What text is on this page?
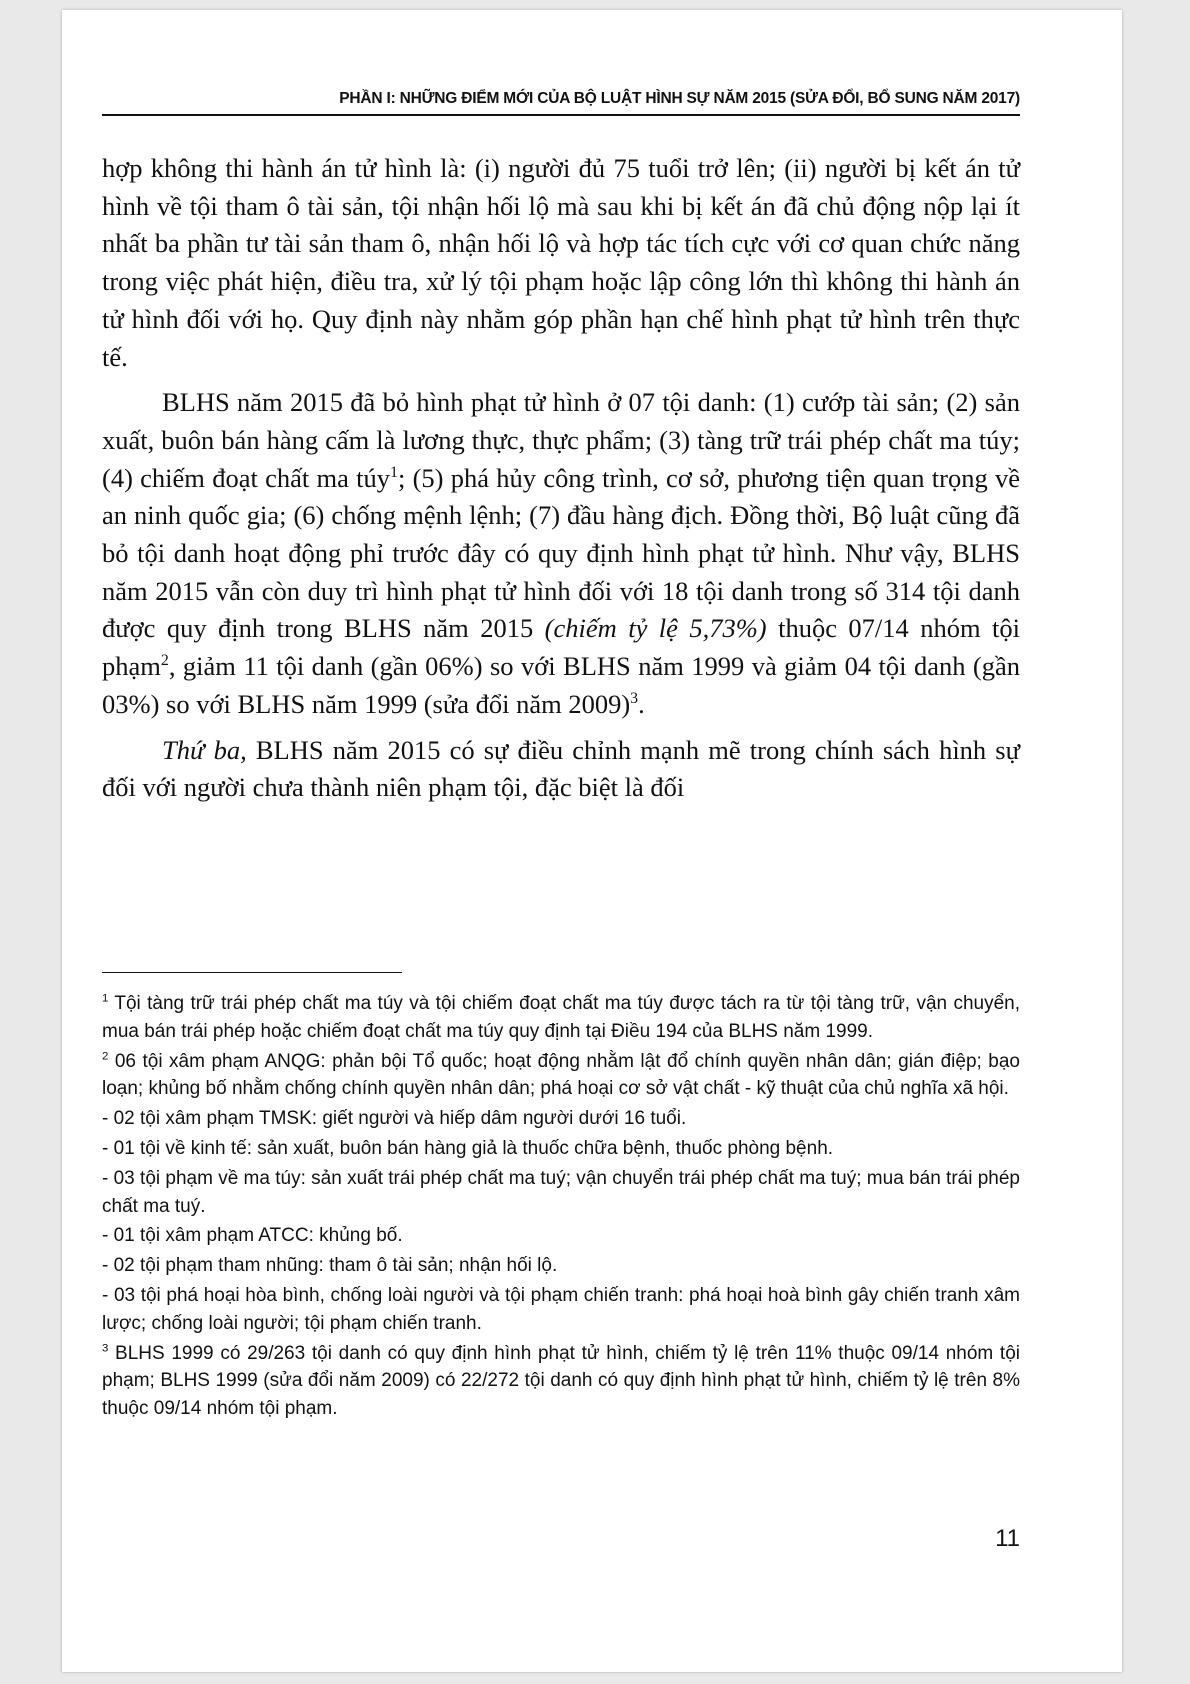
PHẦN I: NHỮNG ĐIỂM MỚI CỦA BỘ LUẬT HÌNH SỰ NĂM 2015 (SỬA ĐỔI, BỔ SUNG NĂM 2017)

hợp không thi hành án tử hình là: (i) người đủ 75 tuổi trở lên; (ii) người bị kết án tử hình về tội tham ô tài sản, tội nhận hối lộ mà sau khi bị kết án đã chủ động nộp lại ít nhất ba phần tư tài sản tham ô, nhận hối lộ và hợp tác tích cực với cơ quan chức năng trong việc phát hiện, điều tra, xử lý tội phạm hoặc lập công lớn thì không thi hành án tử hình đối với họ. Quy định này nhằm góp phần hạn chế hình phạt tử hình trên thực tế.

BLHS năm 2015 đã bỏ hình phạt tử hình ở 07 tội danh: (1) cướp tài sản; (2) sản xuất, buôn bán hàng cấm là lương thực, thực phẩm; (3) tàng trữ trái phép chất ma túy; (4) chiếm đoạt chất ma túy$^1$; (5) phá hủy công trình, cơ sở, phương tiện quan trọng về an ninh quốc gia; (6) chống mệnh lệnh; (7) đầu hàng địch. Đồng thời, Bộ luật cũng đã bỏ tội danh hoạt động phỉ trước đây có quy định hình phạt tử hình. Như vậy, BLHS năm 2015 vẫn còn duy trì hình phạt tử hình đối với 18 tội danh trong số 314 tội danh được quy định trong BLHS năm 2015 (chiếm tỷ lệ 5,73%) thuộc 07/14 nhóm tội phạm$^2$, giảm 11 tội danh (gần 06%) so với BLHS năm 1999 và giảm 04 tội danh (gần 03%) so với BLHS năm 1999 (sửa đổi năm 2009)$^3$.

Thứ ba, BLHS năm 2015 có sự điều chỉnh mạnh mẽ trong chính sách hình sự đối với người chưa thành niên phạm tội, đặc biệt là đối

$^1$ Tội tàng trữ trái phép chất ma túy và tội chiếm đoạt chất ma túy được tách ra từ tội tàng trữ, vận chuyển, mua bán trái phép hoặc chiếm đoạt chất ma túy quy định tại Điều 194 của BLHS năm 1999.

$^2$ 06 tội xâm phạm ANQG: phản bội Tổ quốc; hoạt động nhằm lật đổ chính quyền nhân dân; gián điệp; bạo loạn; khủng bố nhằm chống chính quyền nhân dân; phá hoại cơ sở vật chất - kỹ thuật của chủ nghĩa xã hội.

- 02 tội xâm phạm TMSK: giết người và hiếp dâm người dưới 16 tuổi.

- 01 tội về kinh tế: sản xuất, buôn bán hàng giả là thuốc chữa bệnh, thuốc phòng bệnh.

- 03 tội phạm về ma túy: sản xuất trái phép chất ma tuý; vận chuyển trái phép chất ma tuý; mua bán trái phép chất ma tuý.

- 01 tội xâm phạm ATCC: khủng bố.

- 02 tội phạm tham nhũng: tham ô tài sản; nhận hối lộ.

- 03 tội phá hoại hòa bình, chống loài người và tội phạm chiến tranh: phá hoại hoà bình gây chiến tranh xâm lược; chống loài người; tội phạm chiến tranh.

$^3$ BLHS 1999 có 29/263 tội danh có quy định hình phạt tử hình, chiếm tỷ lệ trên 11% thuộc 09/14 nhóm tội phạm; BLHS 1999 (sửa đổi năm 2009) có 22/272 tội danh có quy định hình phạt tử hình, chiếm tỷ lệ trên 8% thuộc 09/14 nhóm tội phạm.

11
